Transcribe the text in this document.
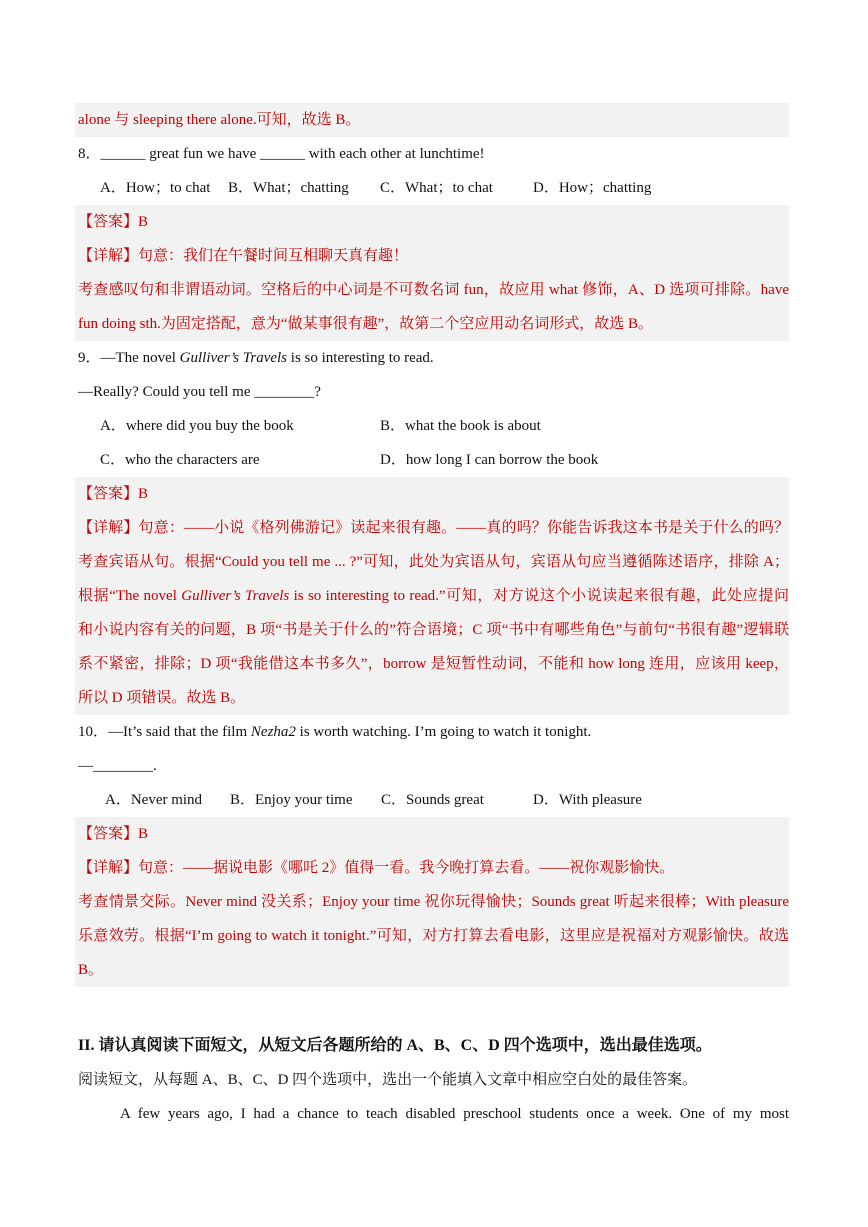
alone 与 sleeping there alone.可知，故选 B。
8．______ great fun we have ______ with each other at lunchtime!
A．How；to chat B．What；chatting C．What；to chat	D．How；chatting
【答案】B
【详解】句意：我们在午餐时间互相聊天真有趣！
考查感叹句和非谓语动词。空格后的中心词是不可数名词 fun，故应用 what 修饰，A、D 选项可排除。have
fun doing sth.为固定搭配，意为“做某事很有趣”，故第二个空应用动名词形式，故选 B。
9．—The novel Gulliver’s Travels is so interesting to read.
—Really? Could you tell me ________?
A．where did you buy the book	B．what the book is about
C．who the characters are	D．how long I can borrow the book
【答案】B
【详解】句意：——小说《格列佛游记》读起来很有趣。——真的吗？你能告诉我这本书是关于什么的吗？
考查宾语从句。根据“Could you tell me ... ?”可知，此处为宾语从句，宾语从句应当遵循陈述语序，排除 A；
根据“The novel Gulliver’s Travels is so interesting to read.”可知，对方说这个小说读起来很有趣，此处应提问
和小说内容有关的问题，B 项“书是关于什么的”符合语境；C 项“书中有哪些角色”与前句“书很有趣”逻辑联
系不紧密，排除；D 项“我能借这本书多久”，borrow 是短暂性动词，不能和 how long 连用，应该用 keep，
所以 D 项错误。故选 B。
10．—It’s said that the film Nezha2 is worth watching. I’m going to watch it tonight.
—________.
A．Never mind B．Enjoy your time C．Sounds great	D．With pleasure
【答案】B
【详解】句意：——据说电影《哪吒 2》值得一看。我今晚打算去看。——祝你观影愉快。
考查情景交际。Never mind 没关系；Enjoy your time 祝你玩得愉快；Sounds great 听起来很棒；With pleasure
乐意效劳。根据“I’m going to watch it tonight.”可知，对方打算去看电影，这里应是祝福对方观影愉快。故选
B。
II. 请认真阅读下面短文，从短文后各题所给的 A、B、C、D 四个选项中，选出最佳选项。
阅读短文，从每题 A、B、C、D 四个选项中，选出一个能填入文章中相应空白处的最佳答案。
A few years ago, I had a chance to teach disabled preschool students once a week. One of my most
